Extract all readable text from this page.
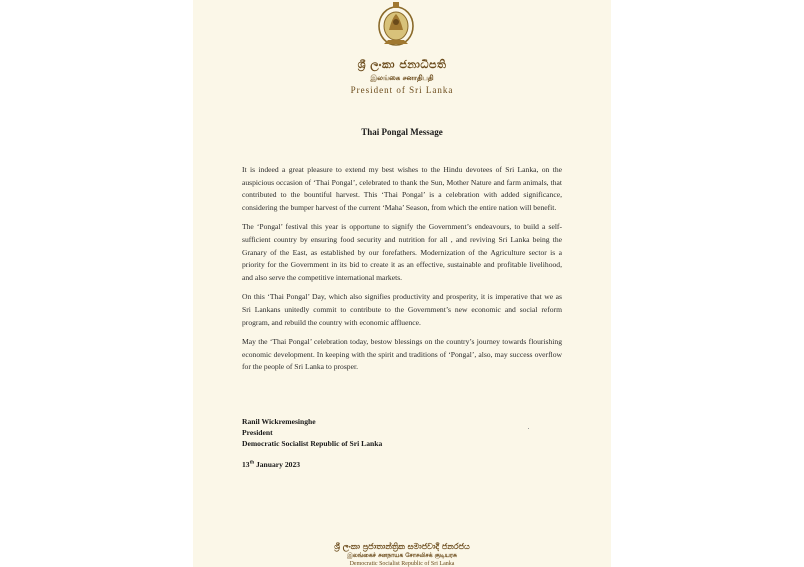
ශ්‍රී ලංකා ජනාධිපති
இலங்கை சனாதிபதி
President of Sri Lanka
Thai Pongal Message

It is indeed a great pleasure to extend my best wishes to the Hindu devotees of Sri Lanka, on the auspicious occasion of ‘Thai Pongal’, celebrated to thank the Sun, Mother Nature and farm animals, that contributed to the bountiful harvest. This ‘Thai Pongal’ is a celebration with added significance, considering the bumper harvest of the current ‘Maha’ Season, from which the entire nation will benefit.

The ‘Pongal’ festival this year is opportune to signify the Government’s endeavours, to build a self-sufficient country by ensuring food security and nutrition for all , and reviving Sri Lanka being the Granary of the East, as established by our forefathers. Modernization of the Agriculture sector is a priority for the Government in its bid to create it as an effective, sustainable and profitable livelihood, and also serve the competitive international markets.

On this ‘Thai Pongal’ Day, which also signifies productivity and prosperity, it is imperative that we as Sri Lankans unitedly commit to contribute to the Government’s new economic and social reform program, and rebuild the country with economic affluence.

May the ‘Thai Pongal’ celebration today, bestow blessings on the country’s journey towards flourishing economic development. In keeping with the spirit and traditions of ‘Pongal’, also, may success overflow for the people of Sri Lanka to prosper.

Ranil Wickremesinghe
President
Democratic Socialist Republic of Sri Lanka
13th January 2023
ශ්‍රී ලංකා ප්‍රජාතාන්ත්‍රික සමාජවාදී ජනරජය
இலங்கைச் சனநாயக சோசலிசக் குடியரசு
Democratic Socialist Republic of Sri Lanka
